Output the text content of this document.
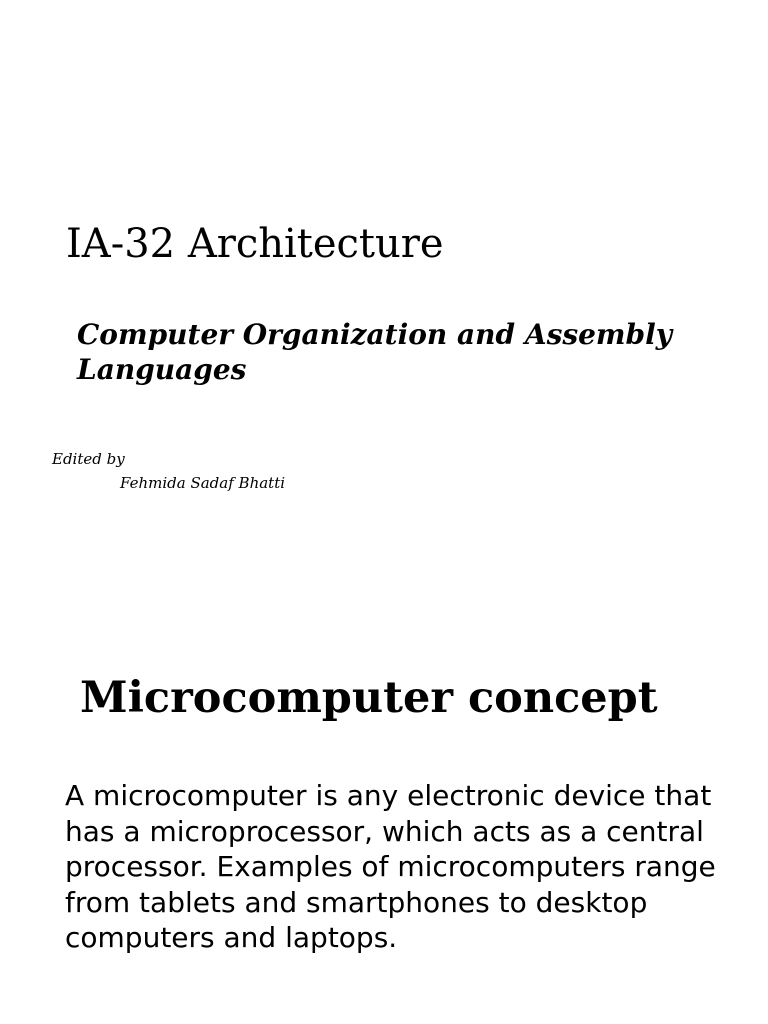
IA-32 Architecture
Computer Organization and Assembly Languages

Edited by

Fehmida Sadaf Bhatti

Microcomputer concept

A microcomputer is any electronic device that has a microprocessor, which acts as a central processor. Examples of microcomputers range from tablets and smartphones to desktop computers and laptops.
